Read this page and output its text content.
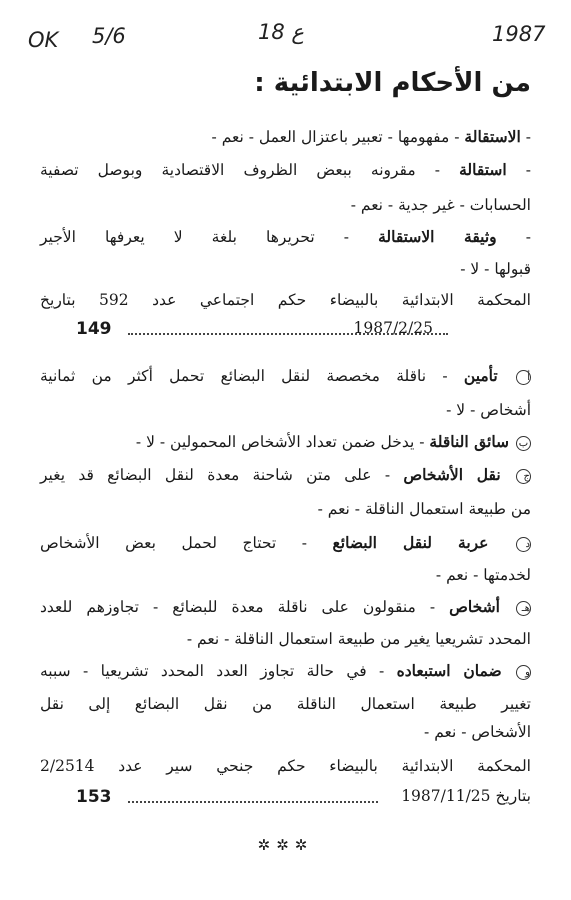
OK 5/6	ع 18	1987
من الأحكام الابتدائية :
- الاستقالة - مفهومها - تعبير باعتزال العمل - نعم -
- استقالة - مقرونه ببعض الظروف الاقتصادية وبوصل تصفية
الحسابات - غير جدية - نعم -
- وثيقة الاستقالة - تحريرها بلغة لا يعرفها الأجير
قبولها - لا -
المحكمة الابتدائية بالبيضاء حكم اجتماعي عدد 592 بتاريخ
1987/2/25
149
أ تأمين - ناقلة مخصصة لنقل البضائع تحمل أكثر من ثمانية
أشخاص - لا -
ب سائق الناقلة - يدخل ضمن تعداد الأشخاص المحمولين - لا -
ج نقل الأشخاص - على متن شاحنة معدة لنقل البضائع قد يغير
من طبيعة استعمال الناقلة - نعم -
د عربة لنقل البضائع - تحتاج لحمل بعض الأشخاص
لخدمتها - نعم -
هـ أشخاص - منقولون على ناقلة معدة للبضائع - تجاوزهم للعدد
المحدد تشريعيا يغير من طبيعة استعمال الناقلة - نعم -
و ضمان استبعاده - في حالة تجاوز العدد المحدد تشريعيا - سببه
تغيير طبيعة استعمال الناقلة من نقل البضائع إلى نقل
الأشخاص - نعم -
المحكمة الابتدائية بالبيضاء حكم جنحي سير عدد 2/2514
بتاريخ 1987/11/25
153
✲✲✲
